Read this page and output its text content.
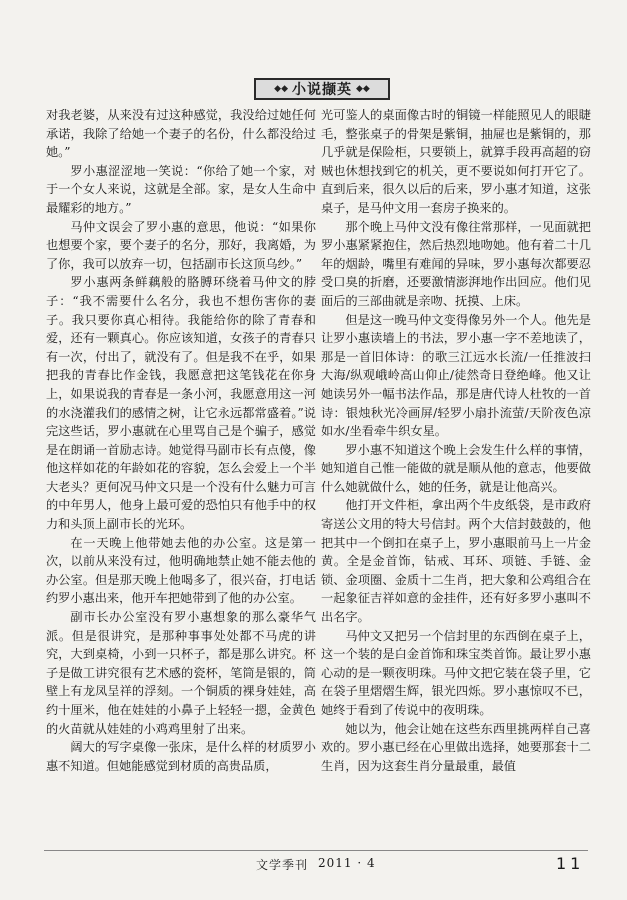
◆◆ 小说撷英 ◆◆

对我老婆，从来没有过这种感觉，我没给过她任何承诺，我除了给她一个妻子的名份，什么都没给过她。”

罗小惠涩涩地一笑说：“你给了她一个家，对于一个女人来说，这就是全部。家，是女人生命中最耀彩的地方。”

马仲文误会了罗小惠的意思，他说：“如果你也想要个家，要个妻子的名分，那好，我离婚，为了你，我可以放弃一切，包括副市长这顶乌纱。”

罗小惠两条鲜藕般的胳膊环绕着马仲文的脖子：“我不需要什么名分，我也不想伤害你的妻子。我只要你真心相待。我能给你的除了青春和爱，还有一颗真心。你应该知道，女孩子的青春只有一次，付出了，就没有了。但是我不在乎，如果把我的青春比作金钱，我愿意把这笔钱花在你身上，如果说我的青春是一条小河，我愿意用这一河的水浇灌我们的感情之树，让它永远都常盛着。”说完这些话，罗小惠就在心里骂自己是个骗子，感觉是在朗诵一首励志诗。她觉得马副市长有点傻，像他这样如花的年龄如花的容貌，怎么会爱上一个半大老头？更何况马仲文只是一个没有什么魅力可言的中年男人，他身上最可爱的恐怕只有他手中的权力和头顶上副市长的光环。

在一天晚上他带她去他的办公室。这是第一次，以前从来没有过，他明确地禁止她不能去他的办公室。但是那天晚上他喝多了，很兴奋，打电话约罗小惠出来，他开车把她带到了他的办公室。

副市长办公室没有罗小惠想象的那么豪华气派。但是很讲究，是那种事事处处都不马虎的讲究，大到桌椅，小到一只杯子，都是那么讲究。杯子是做工讲究很有艺术感的瓷杯，笔筒是银的，筒壁上有龙凤呈祥的浮刻。一个铜质的裸身娃娃，高约十厘米，他在娃娃的小鼻子上轻轻一摁，金黄色的火苗就从娃娃的小鸡鸡里射了出来。

阔大的写字桌像一张床，是什么样的材质罗小惠不知道。但她能感觉到材质的高贵品质，

光可鉴人的桌面像古时的铜镜一样能照见人的眼睫毛，整张桌子的骨架是紫铜，抽屉也是紫铜的，那几乎就是保险柜，只要锁上，就算手段再高超的窃贼也休想找到它的机关，更不要说如何打开它了。直到后来，很久以后的后来，罗小惠才知道，这张桌子，是马仲文用一套房子换来的。

那个晚上马仲文没有像往常那样，一见面就把罗小惠紧紧抱住，然后热烈地吻她。他有着二十几年的烟龄，嘴里有难闻的异味，罗小惠每次都要忍受口臭的折磨，还要激情澎湃地作出回应。他们见面后的三部曲就是亲吻、抚摸、上床。

但是这一晚马仲文变得像另外一个人。他先是让罗小惠读墙上的书法，罗小惠一字不差地读了，那是一首旧体诗：的歌三江远水长流/一任推波扫大海/纵观峨岭高山仰止/徒然奇日登绝峰。他又让她读另外一幅书法作品，那是唐代诗人杜牧的一首诗：银烛秋光冷画屏/轻罗小扇扑流萤/天阶夜色凉如水/坐看牵牛织女星。

罗小惠不知道这个晚上会发生什么样的事情，她知道自己惟一能做的就是顺从他的意志，他要做什么她就做什么，她的任务，就是让他高兴。

他打开文件柜，拿出两个牛皮纸袋，是市政府寄送公文用的特大号信封。两个大信封鼓鼓的，他把其中一个倒扣在桌子上，罗小惠眼前马上一片金黄。全是金首饰，钻戒、耳环、项链、手链、金锁、金项圈、金质十二生肖，把大象和公鸡组合在一起象征吉祥如意的金挂件，还有好多罗小惠叫不出名字。

马仲文又把另一个信封里的东西倒在桌子上，这一个装的是白金首饰和珠宝类首饰。最让罗小惠心动的是一颗夜明珠。马仲文把它装在袋子里，它在袋子里熠熠生辉，银光四烁。罗小惠惊叹不已，她终于看到了传说中的夜明珠。

她以为，他会让她在这些东西里挑两样自己喜欢的。罗小惠已经在心里做出选择，她要那套十二生肖，因为这套生肖分量最重，最值

文学季刊 2011 · 4	11
